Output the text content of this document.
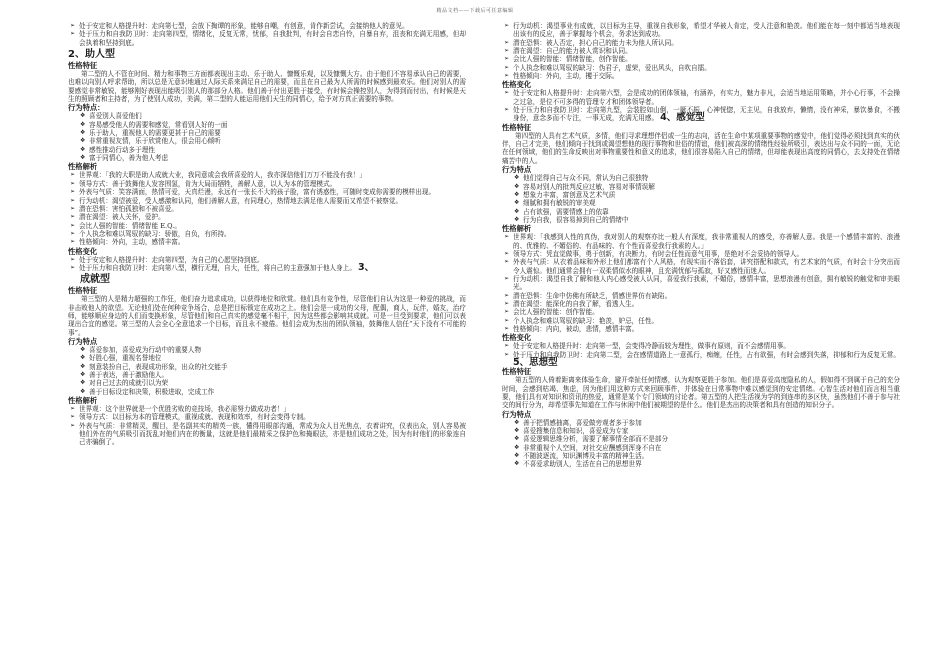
精品文档——下载后可任意编辑
➢ 处于安定和人格提升时：走向第七型，会放下掏谭的形象，能够自嘲，有创意，肯作新尝试，会接纳他人的意见。
➢ 处于压力和自我防卫时：走向第四型，情绪化，反复无常，忧郁，自我批判，有时会自恋自怜，自暴自弃，沮丧和充满无用感，但却会执着和坚持到底。
2、助人型
性格特征
第二型的人不管在时间、精力和事物三方面都表现出主动、乐于助人、慷慨乐观，以及慷慨大方。由于他们不容易承认自己的需要，也难以向别人呼求帮助，所以总是无意识地通过人际关系来满足自己的需要，而且在自己最为人所需的时候感到最欢乐。他们对别人的需要感觉非常敏锐，能够刚好表现出能吸引别人的那部分人格。他们善于付出更胜于接受，有时候会操控别人，为得到而付出，有时候是天生的照顾者和主持者，为了使别人成功，美满，第二型的人能运用他们天生的同情心，给予对方真正需要的事物。
行为特点：
❖ 喜爱别人喜爱他们
❖ 容易感受他人的需要和感觉，常看别人好的一面
❖ 乐于助人，重视他人的需要更甚于自己的需要
❖ 非常重视友情，乐于欣赏他人，很会用心倾听
❖ 感性推动行动多于理性
❖ 富于同情心，善为他人考虑
性格解析
➢ 世界观：「我的大职是助人成就大业，我同意或会我所喜爱的人，我亦深信他们万万不能没有我！」
➢ 领导方式：善于鼓舞他人发容围氢，肯为大局而牺牲，善解人意，以人为本的管理模式。
➢ 外表与气质：笑容满面，热情可爱，天真烂漫，永远有一张长不大的孩子脸，富有诱惑性，可随时变成你需要的模样出现。
➢ 行为动机：渴望被爱，受人感激和认同，他们善解人意，有同理心，热情地去满足他人需要而又希望不被察觉。
➢ 潜在恐惧：害怕孤独和不被喜爱。
➢ 潜在渴望：被人关怀，爱护。
➢ 会比人强的智能：情绪智能 E.Q.。
➢ 个人执念和难以驾驭的缺习：骄傲，自负，有所持。
➢ 性格倾向：外向，主动，感情丰富。
性格变化
➢ 处于安定和人格提升时：走向第四型，为自己的心愿坚持到底。
➢ 处于压力和自我防卫时：走向第八型，横行无理，自大，任性，将自己的主意强加于他人身上。 3、
成就型
性格特征
第三型的人是精力超强的工作狂，他们奋力追求成功，以获得地位和欣赏。他们具有竞争性，尽管他们自认为这是一种爱的挑战，而非击败他人的欲望。无论他们处在何种竞争场合，总是把目标锁定在成功之上。他们会是一成功的父母，配偶，商人，玩伴，婚友，治疗师，能够顺应身边的人们而变换形象，尽管他们和自己真实的感觉毫不相干，因为这些都会影响其成就。可是一旦受到要求，他们可以表现出合宜的感觉。第三型的人会全心全意追求一个目标，而且永不疲倦。他们会成为杰出的团队领袖，鼓舞他人信任“天下没有不可能的事”。
行为特点
❖ 喜爱参加，喜爱成为行动中的重要人物
❖ 好胜心强，重视名誉地位
❖ 刻意装扮自己，表现成功形象，出众的社交能手
❖ 善于表达，善于激励他人。
❖ 对自己过去的成就引以为荣
❖ 善于目标设定和决策，积极进取，完成工作
性格解析
➢ 世界观：这个世界就是一个优胜劣败的竞技场，我必需努力做成功者！」
➢ 领导方式：以目标为本的管理模式，重视成就、表现和效率，有时会变得专制。
➢ 外表与气质：非常精灵，醒目，是名副其实的精英一族，懂得用眼部沟通，常成为众人目光焦点，衣着讲究，仪表出众，别人容易被他们外在的气质吸引而抚乱对他们内在的衡量，这就是他们最精采之保护色和掩眼法，亦是他们成功之处，因为有时他们的形象连自己亦骗倒了。
➢ 行为动机：渴望事业有成就，以目标为主导，重视自我形象，希望才华被人肯定，受人注意和艳羡。他们能在每一刻中都适当地表现出该有的反应，善于掌握每个机会，务求达到成功。
➢ 潜在恐惧：被人否定，担心自己的能力未为他人所认同。
➢ 潜在渴望：自己的能力被人赏识和认同。
➢ 会比人强的智能：情绪智能，创作智能。
➢ 个人执念和难以驾驭的缺习：伪君子，虚荣，爱出风头，自吹自擂。
➢ 性格倾向：外向，主动，攫于交际。
性格变化
➢ 处于安定和人格提升时：走向第六型，会是成功的团体领袖，有涵养，有实力，魅力非凡，会适当地运用策略，并小心行事，不会操之过急，是位不可多得的管理专才和团体领导者。
➢ 处于压力和自我防卫时：走向第九型，会装腔如山倒，一厥不振，心神恍惚，无主见，自我放弃，懒惰，没有神采，暴饮暴食，不搬身份，意念多而不专注，一事无成，充满无用感。 4、感觉型
性格特征
第四型的人具有艺术气质，多情，他们寻求理想伴侣或一生的志向，活在生命中某项重要事物的感觉中，他们觉得必须找到真实的伙伴，自己才完美，他们倾向于找到或渴望想他的现行事物和世俗的情谊，他们被高深的情绪性经验所吸引，表达出与众不同的一面，无论在任何领域，他们的生命反映出对事物重要性和意义的追求，他们很容易陷入自己的情绪，但却能表现出高度的同情心，去支持处在情绪痛苦中的人。
行为特点
❖ 他们觉得自己与众不同，常认为自己很独特
❖ 容易对别人的批判反应过敏，容易对事情误解
❖ 想象力丰富，富创意及艺术气质
❖ 细腻和拥有敏锐的审美观
❖ 占有欲强，需要情感上的依靠
❖ 行为自我，很容易掉到自己的情绪中
性格解析
➢ 世界观：「我感到人性的真伪，我对别人的观察亦比一般人有深度，我非常重视人的感受，亦善解人意。我是一个感情丰富的、浪漫的、优雅的、不媚俗的、有品味的、有个性而喜爱我行我素的人。」
➢ 领导方式：凭直觉做事，勇于创新，有决断力，有时会任性而意气用事，是绝对不会妥协的领导人。
➢ 外表与气质：从衣着品味和外形上他们都富有个人风格，有现实而不落俗套，讲究搭配和款式，有艺术家的气质，有时会十分突出而令人震惊。他们通常会拥有一双柔情似水的眼神，且充满忧郁与孤寂，好又感性而迷人。
➢ 行为动机：渴望自我了解和他人内心感受被人认同，喜爱我行我素，不媚俗，感情丰富，思想浪漫有创意，拥有敏锐的触觉和审美眼光。
➢ 潜在恐惧：生命中仿佛有所缺乏，情感世界仿有缺陷。
➢ 潜在渴望：能深化的自我了解，看透人生。
➢ 会比人强的智能：创作智能。
➢ 个人执念和难以驾驭的缺习：艳羡，妒忌，任性。
➢ 性格倾向：内向，被动，悲情，感情丰富。
性格变化
➢ 处于安定和人格提升时：走向第一型，会变得冷静而较为理性，做事有原则，而不会感情用事。
➢ 处于压力和自我防卫时：走向第二型，会在感情道路上一意孤行，痴缠，任性，占有欲强，有时会感到失落，抑郁和行为反复无常。 5、思想型
性格特征
第五型的人倚着距离来体验生命，避开牵扯任何情感，认为观察更胜于参加。他们是喜爱高度隐私的人，假如得不到属于自己的充分时间，会感到枯竭、焦虑，因为他们用这种方式来回顾事件，并体验在日常事物中难以感觉到的安定情绪。心智生活对他们而言相当重要，他们具有对知识和资讯的热爱，通常是某个专门领域的讨论者。第五型的人把生活视为学的到连串的多区快，虽然他们不善于参与社交的间行分为，却希望事先知道在工作与休闲中他们被期望的是什么。他们是杰出的决策者和具有创造的知识分子。
行为特点
❖ 善于把情感抽离，喜爱做旁观者多于参加
❖ 喜爱搜集信息和知识，喜爱成为专家
❖ 喜爱逻辑思维分析，需要了解事情全部而不是部分
❖ 非常重视个人空间，对社交应酬感到浑身不自在
❖ 不随波逐流，知识渊博及丰富的精神生活。
❖ 不喜爱求助别人，生活在自己的思想世界
